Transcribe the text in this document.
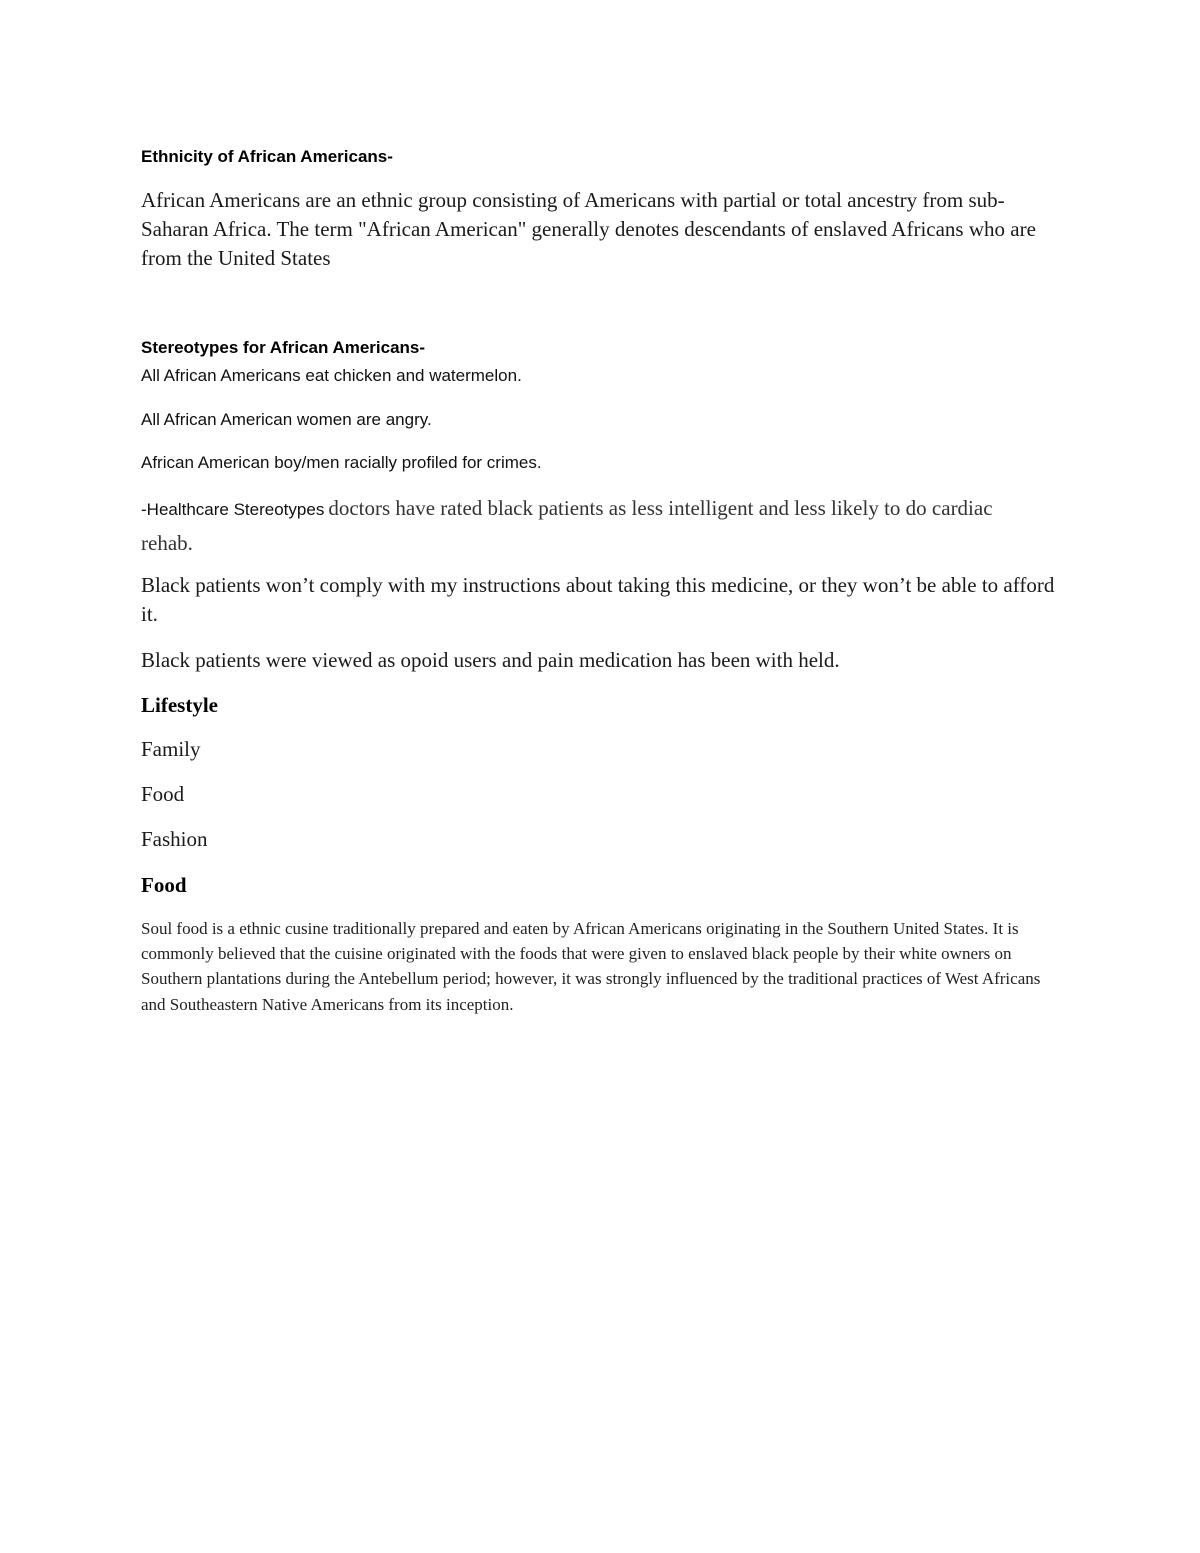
Ethnicity of African Americans-

African Americans are an ethnic group consisting of Americans with partial or total ancestry from sub-Saharan Africa. The term "African American" generally denotes descendants of enslaved Africans who are from the United States

Stereotypes for African Americans-

All African Americans eat chicken and watermelon.

All African American women are angry.

African American boy/men racially profiled for crimes.

-Healthcare Stereotypes doctors have rated black patients as less intelligent and less likely to do cardiac rehab.

Black patients won’t comply with my instructions about taking this medicine, or they won’t be able to afford it.

Black patients were viewed as opoid users and pain medication has been with held.

Lifestyle

Family

Food

Fashion

Food

Soul food is a ethnic cusine traditionally prepared and eaten by African Americans originating in the Southern United States. It is commonly believed that the cuisine originated with the foods that were given to enslaved black people by their white owners on Southern plantations during the Antebellum period; however, it was strongly influenced by the traditional practices of West Africans and Southeastern Native Americans from its inception.
